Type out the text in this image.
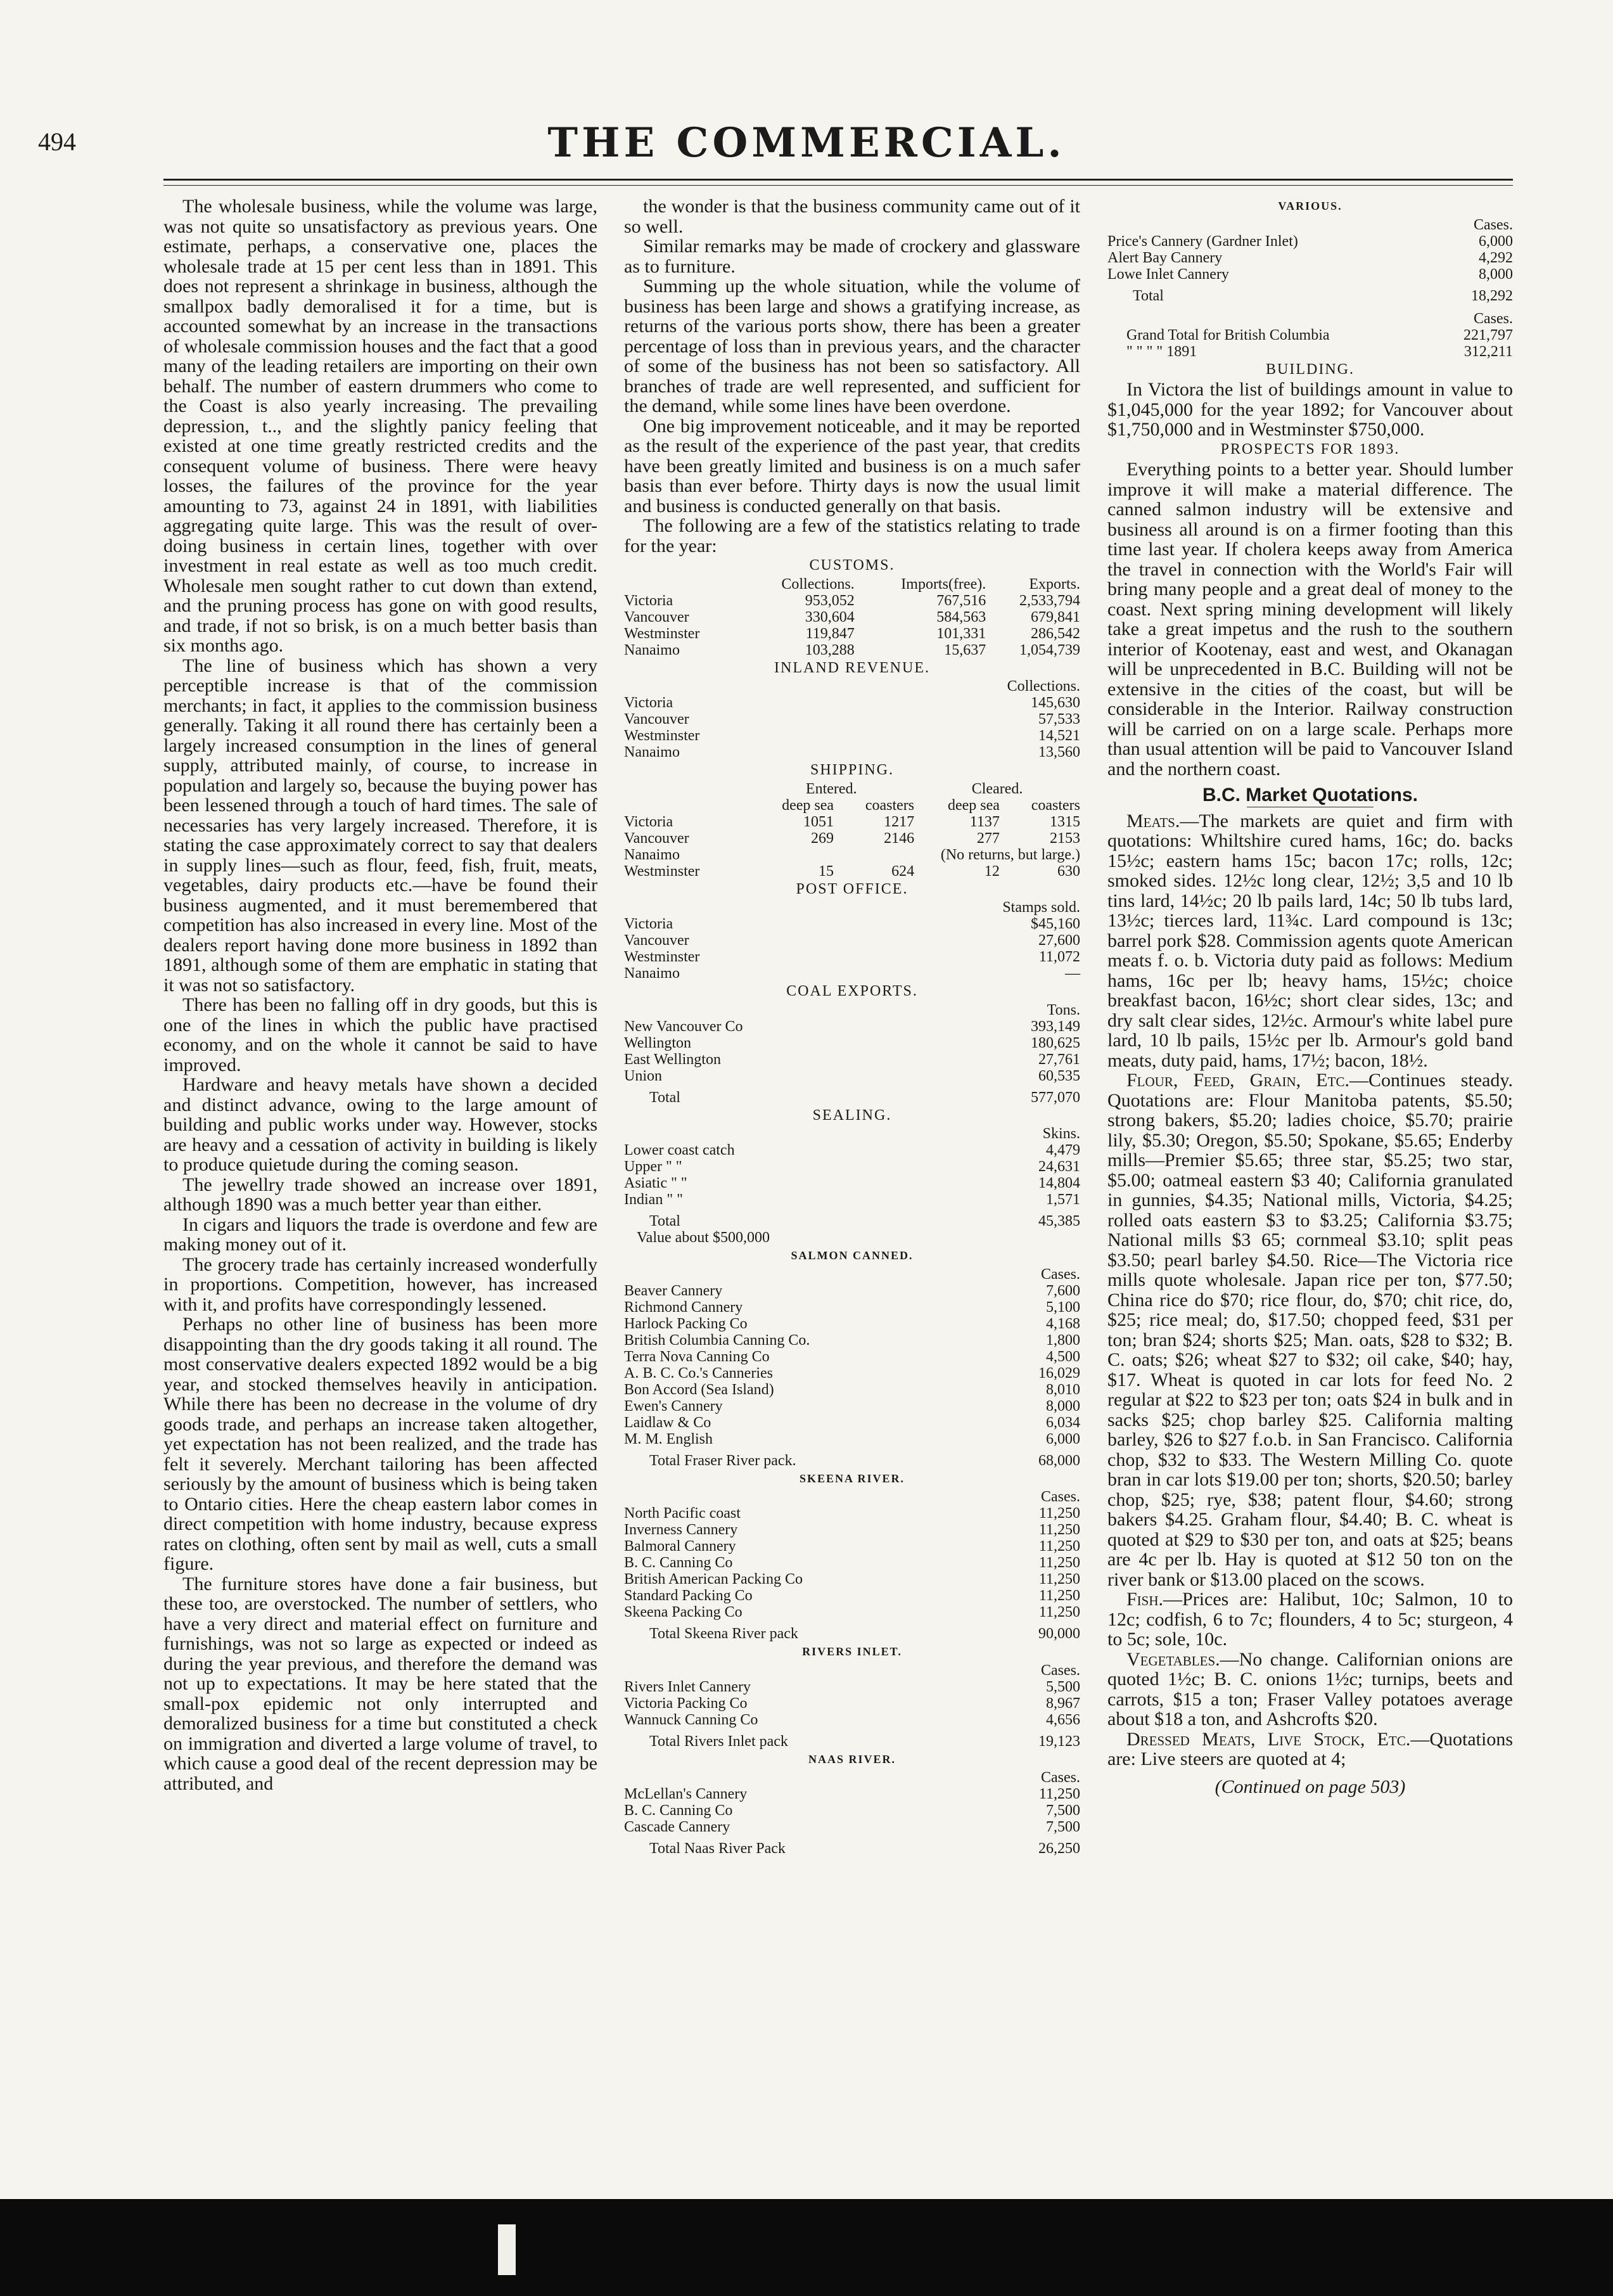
494	THE COMMERCIAL.

The wholesale business, while the volume was large, was not quite so unsatisfactory as previous years. One estimate, perhaps, a conservative one, places the wholesale trade at 15 per cent less than in 1891. This does not represent a shrinkage in business, although the smallpox badly demoralised it for a time, but is accounted somewhat by an increase in the transactions of wholesale commission houses and the fact that a good many of the leading retailers are importing on their own behalf. The number of eastern drummers who come to the Coast is also yearly increasing. The prevailing depression, t.., and the slightly panicy feeling that existed at one time greatly restricted credits and the consequent volume of business. There were heavy losses, the failures of the province for the year amounting to 73, against 24 in 1891, with liabilities aggregating quite large. This was the result of over-doing business in certain lines, together with over investment in real estate as well as too much credit. Wholesale men sought rather to cut down than extend, and the pruning process has gone on with good results, and trade, if not so brisk, is on a much better basis than six months ago.

The line of business which has shown a very perceptible increase is that of the commission merchants; in fact, it applies to the commission business generally. Taking it all round there has certainly been a largely increased consumption in the lines of general supply, attributed mainly, of course, to increase in population and largely so, because the buying power has been lessened through a touch of hard times. The sale of necessaries has very largely increased. Therefore, it is stating the case approximately correct to say that dealers in supply lines—such as flour, feed, fish, fruit, meats, vegetables, dairy products etc.—have be found their business augmented, and it must beremembered that competition has also increased in every line. Most of the dealers report having done more business in 1892 than 1891, although some of them are emphatic in stating that it was not so satisfactory.

There has been no falling off in dry goods, but this is one of the lines in which the public have practised economy, and on the whole it cannot be said to have improved.

Hardware and heavy metals have shown a decided and distinct advance, owing to the large amount of building and public works under way. However, stocks are heavy and a cessation of activity in building is likely to produce quietude during the coming season.

The jewellry trade showed an increase over 1891, although 1890 was a much better year than either.

In cigars and liquors the trade is overdone and few are making money out of it.

The grocery trade has certainly increased wonderfully in proportions. Competition, however, has increased with it, and profits have correspondingly lessened.

Perhaps no other line of business has been more disappointing than the dry goods taking it all round. The most conservative dealers expected 1892 would be a big year, and stocked themselves heavily in anticipation. While there has been no decrease in the volume of dry goods trade, and perhaps an increase taken altogether, yet expectation has not been realized, and the trade has felt it severely. Merchant tailoring has been affected seriously by the amount of business which is being taken to Ontario cities. Here the cheap eastern labor comes in direct competition with home industry, because express rates on clothing, often sent by mail as well, cuts a small figure.

The furniture stores have done a fair business, but these too, are overstocked. The number of settlers, who have a very direct and material effect on furniture and furnishings, was not so large as expected or indeed as during the year previous, and therefore the demand was not up to expectations. It may be here stated that the small-pox epidemic not only interrupted and demoralized business for a time but constituted a check on immigration and diverted a large volume of travel, to which cause a good deal of the recent depression may be attributed, and

the wonder is that the business community came out of it so well.

Similar remarks may be made of crockery and glassware as to furniture.

Summing up the whole situation, while the volume of business has been large and shows a gratifying increase, as returns of the various ports show, there has been a greater percentage of loss than in previous years, and the character of some of the business has not been so satisfactory. All branches of trade are well represented, and sufficient for the demand, while some lines have been overdone.

One big improvement noticeable, and it may be reported as the result of the experience of the past year, that credits have been greatly limited and business is on a much safer basis than ever before. Thirty days is now the usual limit and business is conducted generally on that basis.

The following are a few of the statistics relating to trade for the year:

CUSTOMS.
	Collections.	Imports(free).	Exports.
Victoria	953,052	767,516	2,533,794
Vancouver	330,604	584,563	679,841
Westminster	119,847	101,331	286,542
Nanaimo	103,288	15,637	1,054,739
INLAND REVENUE.
	Collections.
Victoria	145,630
Vancouver	57,533
Westminster	14,521
Nanaimo	13,560
SHIPPING.
	Entered.		Cleared.	
	deep sea	coasters	deep sea	coasters
Victoria	1051	1217	1137	1315
Vancouver	269	2146	277	2153
Nanaimo	(No returns, but large.)			
Westminster	15	624	12	630
POST OFFICE.
	Stamps sold.
Victoria	$45,160
Vancouver	27,600
Westminster	11,072
Nanaimo	—
COAL EXPORTS.
	Tons.
New Vancouver Co	393,149
Wellington	180,625
East Wellington	27,761
Union	60,535
Total	577,070
SEALING.
	Skins.
Lower coast catch	4,479
Upper " "	24,631
Asiatic " "	14,804
Indian " "	1,571
Total	45,385
Value about $500,000	
SALMON CANNED.
	Cases.
Beaver Cannery	7,600
Richmond Cannery	5,100
Harlock Packing Co	4,168
British Columbia Canning Co.	1,800
Terra Nova Canning Co	4,500
A. B. C. Co.'s Canneries	16,029
Bon Accord (Sea Island)	8,010
Ewen's Cannery	8,000
Laidlaw & Co	6,034
M. M. English	6,000
Total Fraser River pack.	68,000
SKEENA RIVER.
	Cases.
North Pacific coast	11,250
Inverness Cannery	11,250
Balmoral Cannery	11,250
B. C. Canning Co	11,250
British American Packing Co	11,250
Standard Packing Co	11,250
Skeena Packing Co	11,250
Total Skeena River pack	90,000
RIVERS INLET.
	Cases.
Rivers Inlet Cannery	5,500
Victoria Packing Co	8,967
Wannuck Canning Co	4,656
Total Rivers Inlet pack	19,123
NAAS RIVER.
	Cases.
McLellan's Cannery	11,250
B. C. Canning Co	7,500
Cascade Cannery	7,500
Total Naas River Pack	26,250
VARIOUS.
	Cases.
Price's Cannery (Gardner Inlet)	6,000
Alert Bay Cannery	4,292
Lowe Inlet Cannery	8,000
Total	18,292
	Cases.
Grand Total for British Columbia	221,797
" " " " 1891	312,211
BUILDING.

In Victora the list of buildings amount in value to $1,045,000 for the year 1892; for Vancouver about $1,750,000 and in Westminster $750,000.

PROSPECTS FOR 1893.

Everything points to a better year. Should lumber improve it will make a material difference. The canned salmon industry will be extensive and business all around is on a firmer footing than this time last year. If cholera keeps away from America the travel in connection with the World's Fair will bring many people and a great deal of money to the coast. Next spring mining development will likely take a great impetus and the rush to the southern interior of Kootenay, east and west, and Okanagan will be unprecedented in B.C. Building will not be extensive in the cities of the coast, but will be considerable in the Interior. Railway construction will be carried on on a large scale. Perhaps more than usual attention will be paid to Vancouver Island and the northern coast.

B.C. Market Quotations.

Meats.—The markets are quiet and firm with quotations: Whiltshire cured hams, 16c; do. backs 15½c; eastern hams 15c; bacon 17c; rolls, 12c; smoked sides. 12½c long clear, 12½; 3,5 and 10 lb tins lard, 14½c; 20 lb pails lard, 14c; 50 lb tubs lard, 13½c; tierces lard, 11¾c. Lard compound is 13c; barrel pork $28. Commission agents quote American meats f. o. b. Victoria duty paid as follows: Medium hams, 16c per lb; heavy hams, 15½c; choice breakfast bacon, 16½c; short clear sides, 13c; and dry salt clear sides, 12½c. Armour's white label pure lard, 10 lb pails, 15½c per lb. Armour's gold band meats, duty paid, hams, 17½; bacon, 18½.

Flour, Feed, Grain, Etc.—Continues steady. Quotations are: Flour Manitoba patents, $5.50; strong bakers, $5.20; ladies choice, $5.70; prairie lily, $5.30; Oregon, $5.50; Spokane, $5.65; Enderby mills—Premier $5.65; three star, $5.25; two star, $5.00; oatmeal eastern $3 40; California granulated in gunnies, $4.35; National mills, Victoria, $4.25; rolled oats eastern $3 to $3.25; California $3.75; National mills $3 65; cornmeal $3.10; split peas $3.50; pearl barley $4.50. Rice—The Victoria rice mills quote wholesale. Japan rice per ton, $77.50; China rice do $70; rice flour, do, $70; chit rice, do, $25; rice meal; do, $17.50; chopped feed, $31 per ton; bran $24; shorts $25; Man. oats, $28 to $32; B. C. oats; $26; wheat $27 to $32; oil cake, $40; hay, $17. Wheat is quoted in car lots for feed No. 2 regular at $22 to $23 per ton; oats $24 in bulk and in sacks $25; chop barley $25. California malting barley, $26 to $27 f.o.b. in San Francisco. California chop, $32 to $33. The Western Milling Co. quote bran in car lots $19.00 per ton; shorts, $20.50; barley chop, $25; rye, $38; patent flour, $4.60; strong bakers $4.25. Graham flour, $4.40; B. C. wheat is quoted at $29 to $30 per ton, and oats at $25; beans are 4c per lb. Hay is quoted at $12 50 ton on the river bank or $13.00 placed on the scows.

Fish.—Prices are: Halibut, 10c; Salmon, 10 to 12c; codfish, 6 to 7c; flounders, 4 to 5c; sturgeon, 4 to 5c; sole, 10c.

Vegetables.—No change. Californian onions are quoted 1½c; B. C. onions 1½c; turnips, beets and carrots, $15 a ton; Fraser Valley potatoes average about $18 a ton, and Ashcrofts $20.

Dressed Meats, Live Stock, Etc.—Quotations are: Live steers are quoted at 4;

(Continued on page 503)
